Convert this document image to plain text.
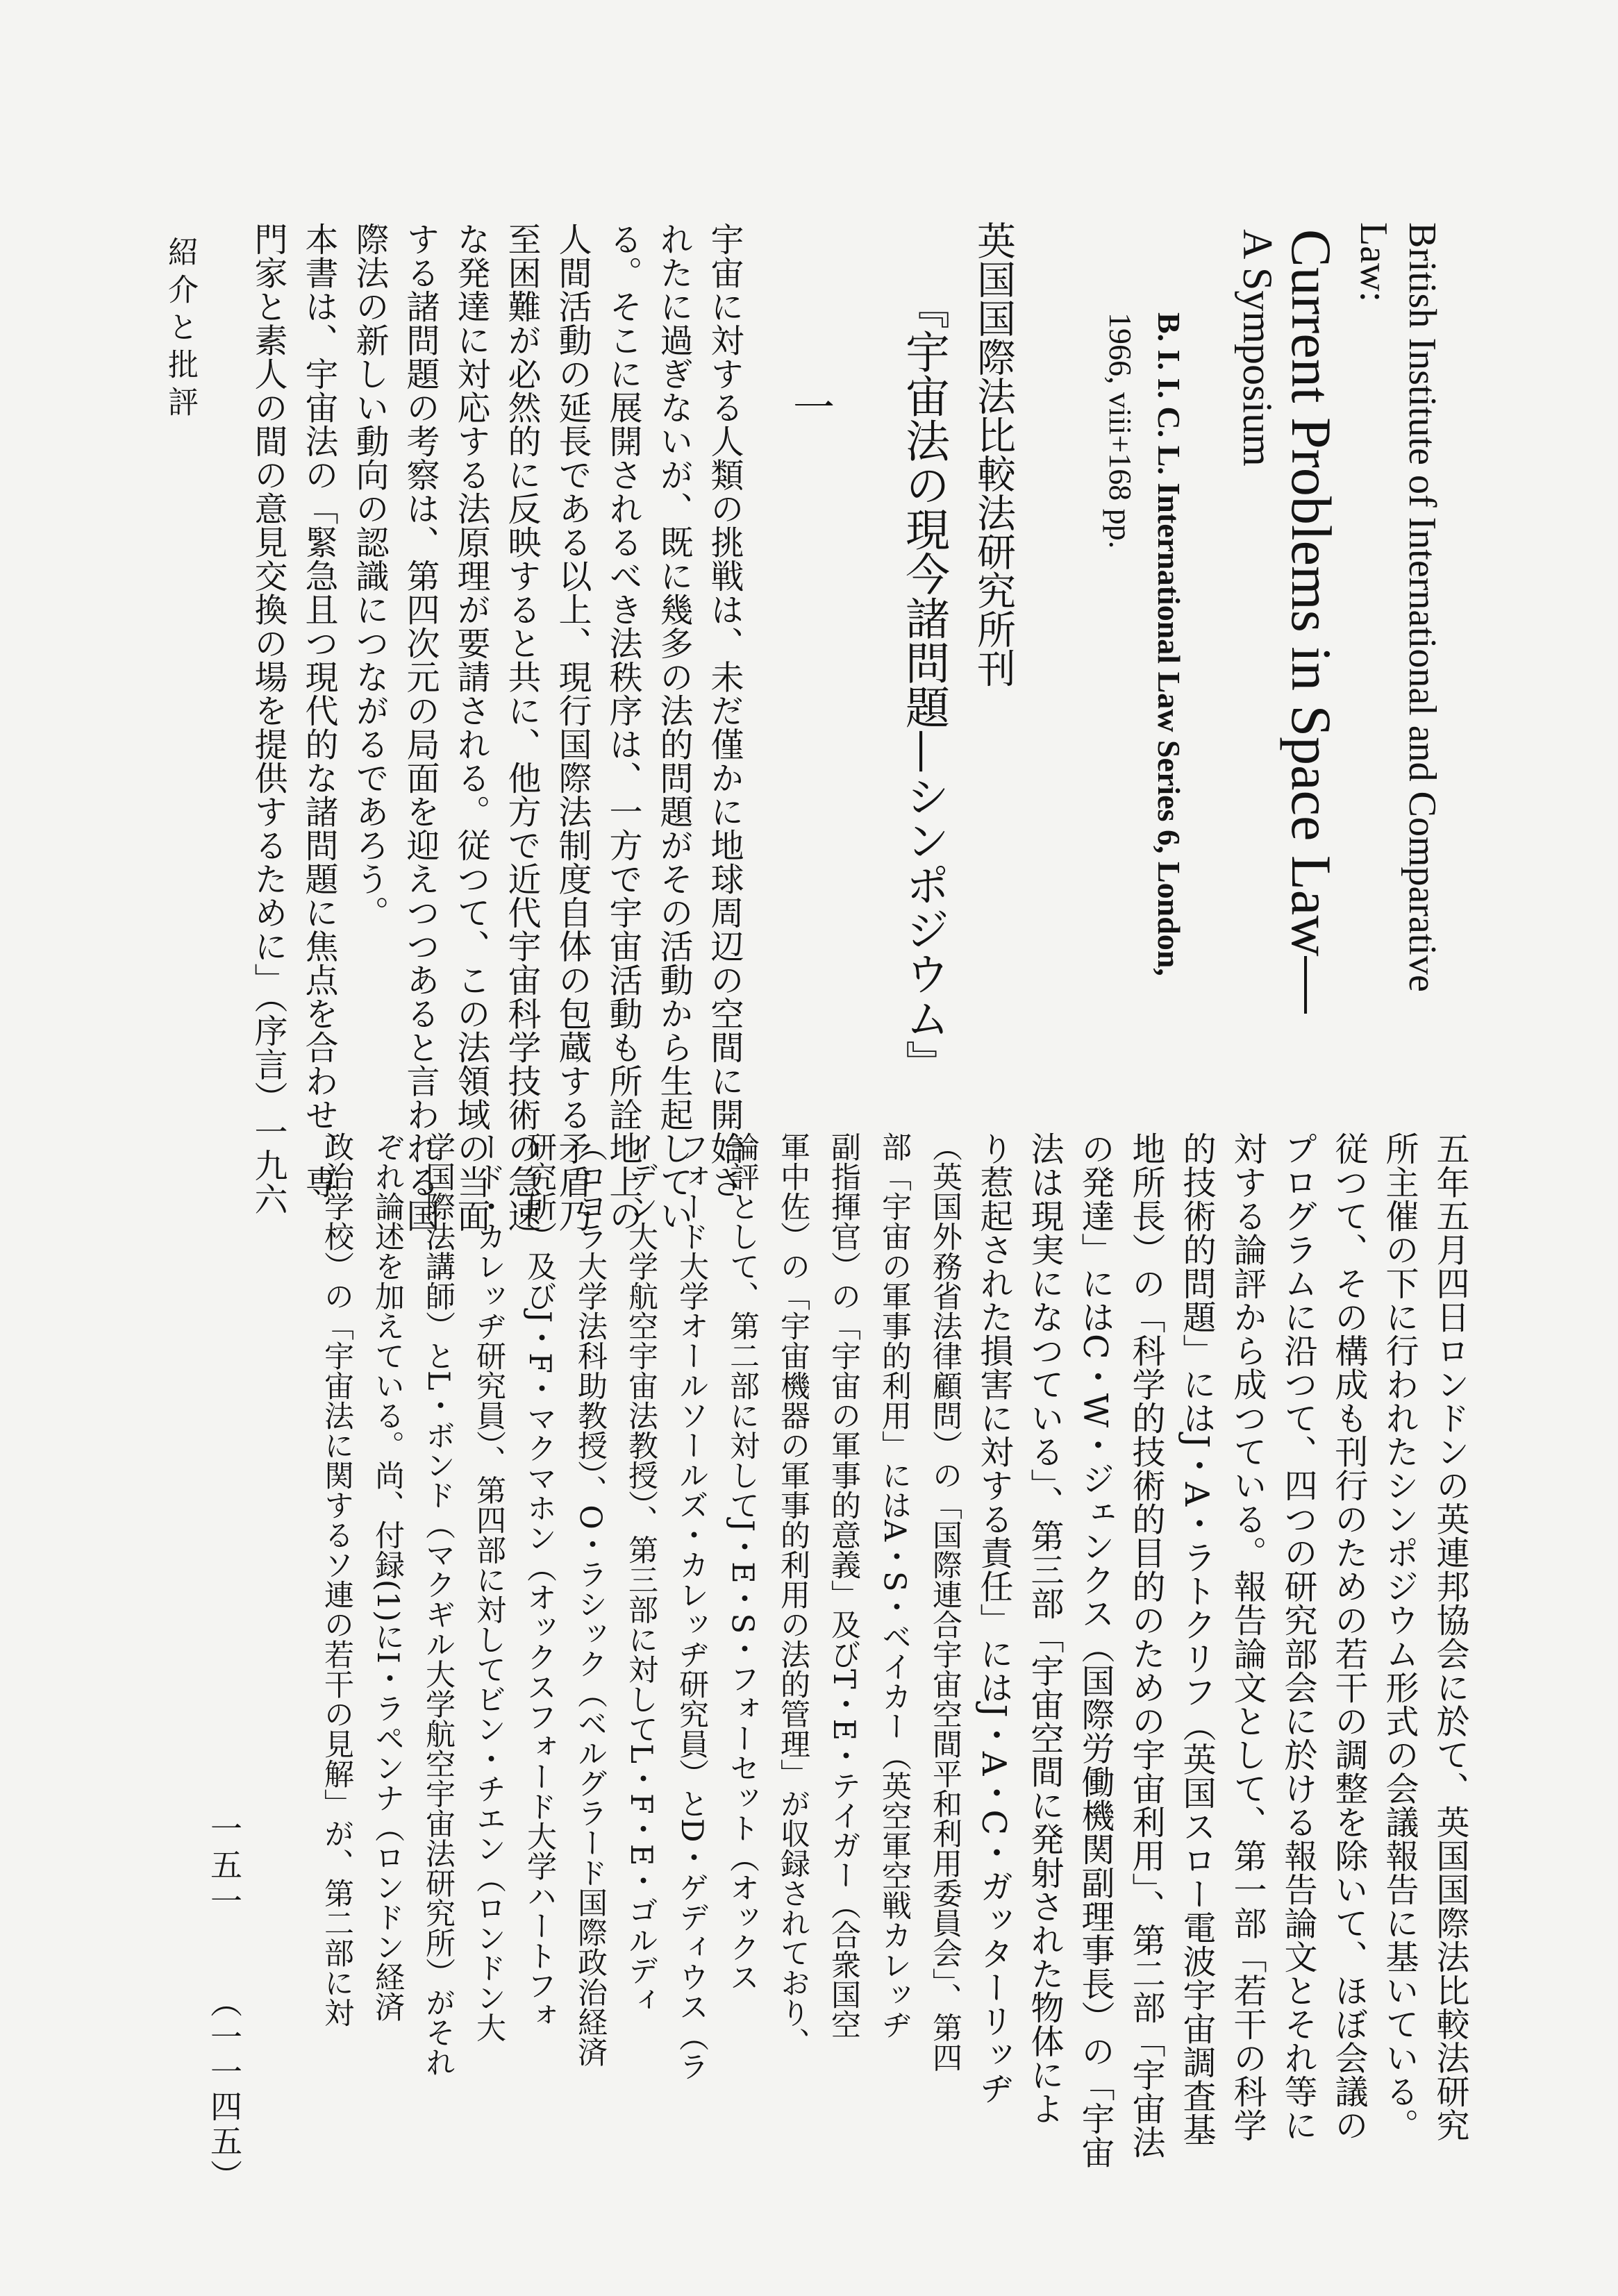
British Institute of International and Comparative
Law:
Current Problems in Space Law—
A Symposium
B. I. I. C. L. International Law Series 6, London,
1966, viii+168 pp.
英国国際法比較法研究所刊
『宇宙法の現今諸問題—シンポジウム』
一
五年五月四日ロンドンの英連邦協会に於て、英国国際法比較法研究
所主催の下に行われたシンポジウム形式の会議報告に基いている。
従つて、その構成も刊行のための若干の調整を除いて、ほぼ会議の
プログラムに沿つて、四つの研究部会に於ける報告論文とそれ等に
対する論評から成つている。報告論文として、第一部「若干の科学
的技術的問題」にはJ・A・ラトクリフ（英国スロー電波宇宙調査基
地所長）の「科学的技術的目的のための宇宙利用」、第二部「宇宙法
の発達」にはC・W・ジェンクス（国際労働機関副理事長）の「宇宙
法は現実になつている」、第三部「宇宙空間に発射された物体によ
り惹起された損害に対する責任」にはJ・A・C・ガッターリッヂ
（英国外務省法律顧問）の「国際連合宇宙空間平和利用委員会」、第四
部「宇宙の軍事的利用」にはA・S・ベイカー（英空軍空戦カレッヂ
副指揮官）の「宇宙の軍事的意義」及びT・E・テイガー（合衆国空
軍中佐）の「宇宙機器の軍事的利用の法的管理」が収録されており、
論評として、第二部に対してJ・E・S・フォーセット（オックス
フォード大学オールソールズ・カレッヂ研究員）とD・ゲディウス（ラ
イデン大学航空宇宙法教授）、第三部に対してL・F・E・ゴルディ
（ロヨラ大学法科助教授）、O・ラシック（ベルグラード国際政治経済
研究所）及びJ・F・マクマホン（オックスフォード大学ハートフォ
ード・カレッヂ研究員）、第四部に対してビン・チエン（ロンドン大
学国際法講師）とL・ボンド（マクギル大学航空宇宙法研究所）がそれ
ぞれ論述を加えている。尚、付録(1)にI・ラペンナ（ロンドン経済
政治学校）の「宇宙法に関するソ連の若干の見解」が、第二部に対
宇宙に対する人類の挑戦は、未だ僅かに地球周辺の空間に開始さ
れたに過ぎないが、既に幾多の法的問題がその活動から生起してい
る。そこに展開されるべき法秩序は、一方で宇宙活動も所詮地上の
人間活動の延長である以上、現行国際法制度自体の包蔵する矛盾乃
至困難が必然的に反映すると共に、他方で近代宇宙科学技術の急速
な発達に対応する法原理が要請される。従つて、この法領域の当面
する諸問題の考察は、第四次元の局面を迎えつつあると言われる国
際法の新しい動向の認識につながるであろう。
本書は、宇宙法の「緊急且つ現代的な諸問題に焦点を合わせ、専
門家と素人の間の意見交換の場を提供するために」（序言）一九六
紹介と批評
一五一
（一一四五）
